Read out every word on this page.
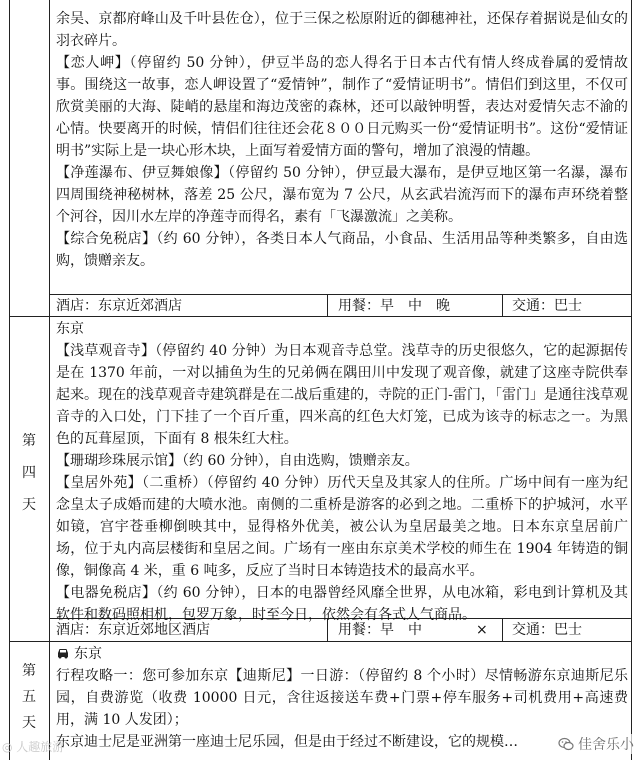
余吴、京都府峰山及千叶县佐仓），位于三保之松原附近的御穗神社，还保存着据说是仙女的羽衣碎片。

【恋人岬】（停留约 50 分钟），伊豆半岛的恋人得名于日本古代有情人终成眷属的爱情故事。围绕这一故事，恋人岬设置了“爱情钟”，制作了“爱情证明书”。情侣们到这里，不仅可欣赏美丽的大海、陡峭的悬崖和海边茂密的森林，还可以敲钟明誓，表达对爱情矢志不渝的心情。快要离开的时候，情侣们往往还会花８００日元购买一份“爱情证明书”。这份“爱情证明书”实际上是一块心形木块，上面写着爱情方面的警句，增加了浪漫的情趣。

【净莲瀑布、伊豆舞娘像】（停留约 50 分钟），伊豆最大瀑布，是伊豆地区第一名瀑，瀑布四周围绕神秘树林，落差 25 公尺，瀑布宽为 7 公尺，从玄武岩流泻而下的瀑布声环绕着整个河谷，因川水左岸的净莲寺而得名，素有「飞瀑激流」之美称。

【综合免税店】（约 60 分钟），各类日本人气商品，小食品、生活用品等种类繁多，自由选购，馈赠亲友。

酒店：东京近郊酒店	用餐：早　中　晚	交通：巴士
第
四
天

东京

【浅草观音寺】（停留约 40 分钟）为日本观音寺总堂。浅草寺的历史很悠久，它的起源据传是在 1370 年前，一对以捕鱼为生的兄弟俩在隅田川中发现了观音像，就建了这座寺院供奉起来。现在的浅草观音寺建筑群是在二战后重建的，寺院的正门-雷门，「雷门」是通往浅草观音寺的入口处，门下挂了一个百斤重，四米高的红色大灯笼，已成为该寺的标志之一。为黑色的瓦葺屋顶，下面有 8 根朱红大柱。

【珊瑚珍珠展示馆】（约 60 分钟），自由选购，馈赠亲友。

【皇居外苑】（二重桥）（停留约 40 分钟）历代天皇及其家人的住所。广场中间有一座为纪念皇太子成婚而建的大喷水池。南侧的二重桥是游客的必到之地。二重桥下的护城河，水平如镜，宫宇苍垂柳倒映其中，显得格外优美，被公认为皇居最美之地。日本东京皇居前广场，位于丸内高层楼街和皇居之间。广场有一座由东京美术学校的师生在 1904 年铸造的铜像，铜像高 4 米，重 6 吨多，反应了当时日本铸造技术的最高水平。

【电器免税店】（约 60 分钟），日本的电器曾经风靡全世界，从电冰箱，彩电到计算机及其软件和数码照相机，包罗万象，时至今日，依然会有各式人气商品。

酒店：东京近郊地区酒店	用餐：早　中	× 交通：巴士
第
五
天

东京

行程攻略一：您可参加东京【迪斯尼】一日游：（停留约 8 个小时）尽情畅游东京迪斯尼乐园，自费游览（收费 10000 日元，含往返接送车费+门票+停车服务+司机费用+高速费用，满 10 人发团）；

东京迪士尼是亚洲第一座迪士尼乐园，但是由于经过不断建设，它的规模…

◎ 人趣旅游	佳舍乐小
